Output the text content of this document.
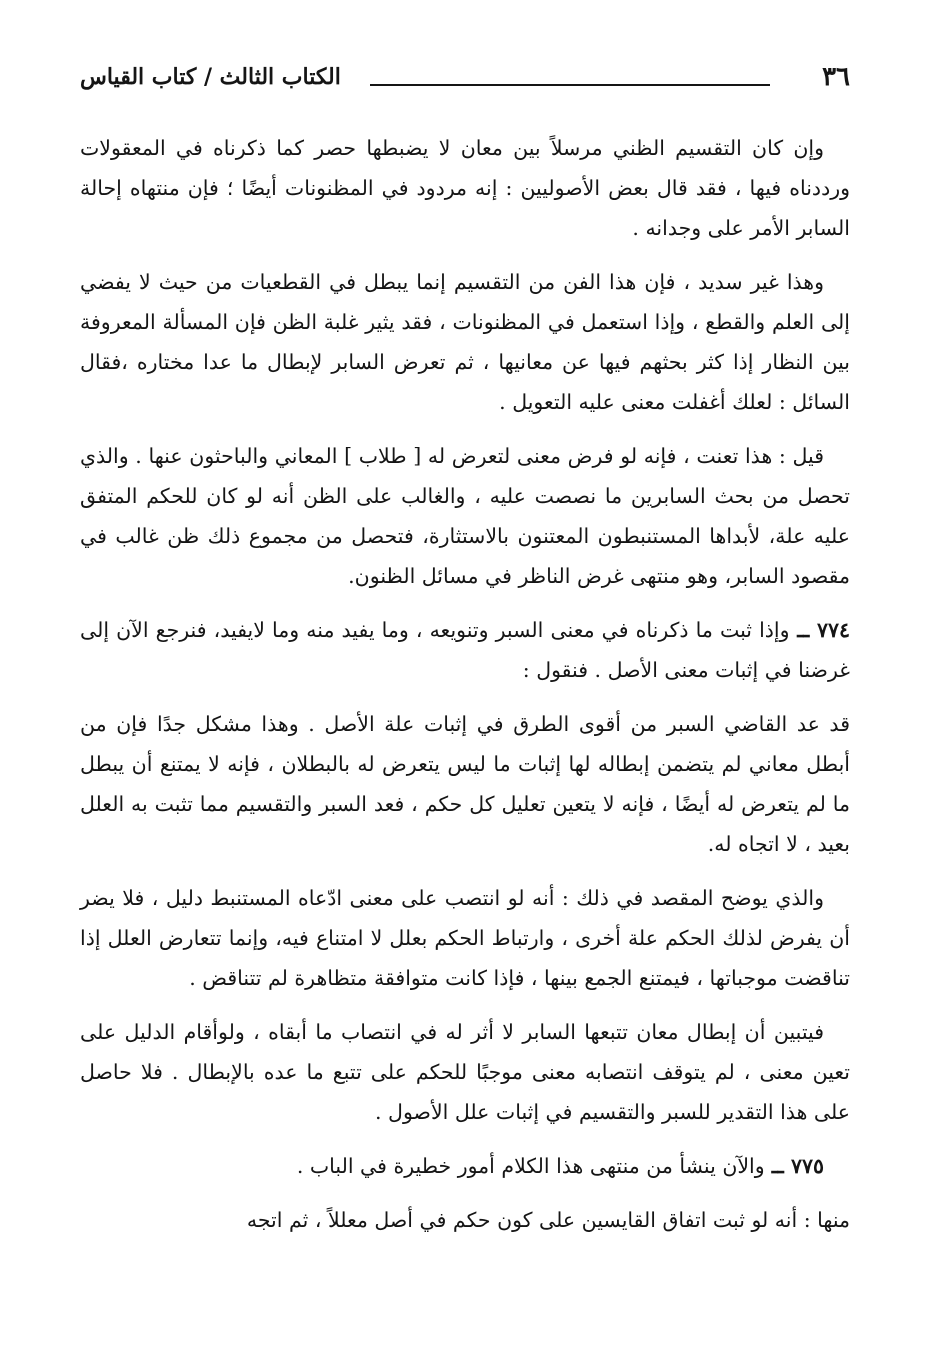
٣٦
الكتاب الثالث / كتاب القياس

وإن كان التقسيم الظني مرسلاً بين معان لا يضبطها حصر كما ذكرناه في المعقولات ورددناه فيها ، فقد قال بعض الأصوليين : إنه مردود في المظنونات أيضًا ؛ فإن منتهاه إحالة السابر الأمر على وجدانه .

وهذا غير سديد ، فإن هذا الفن من التقسيم إنما يبطل في القطعيات من حيث لا يفضي إلى العلم والقطع ، وإذا استعمل في المظنونات ، فقد يثير غلبة الظن فإن المسألة المعروفة بين النظار إذا كثر بحثهم فيها عن معانيها ، ثم تعرض السابر لإبطال ما عدا مختاره ،فقال السائل : لعلك أغفلت معنى عليه التعويل .

قيل : هذا تعنت ، فإنه لو فرض معنى لتعرض له [ طلاب ] المعاني والباحثون عنها . والذي تحصل من بحث السابرين ما نصصت عليه ، والغالب على الظن أنه لو كان للحكم المتفق عليه علة، لأبداها المستنبطون المعتنون بالاستثارة، فتحصل من مجموع ذلك ظن غالب في مقصود السابر، وهو منتهى غرض الناظر في مسائل الظنون.

٧٧٤ ــ وإذا ثبت ما ذكرناه في معنى السبر وتنويعه ، وما يفيد منه وما لايفيد، فنرجع الآن إلى غرضنا في إثبات معنى الأصل . فنقول :

قد عد القاضي السبر من أقوى الطرق في إثبات علة الأصل . وهذا مشكل جدًا فإن من أبطل معاني لم يتضمن إبطاله لها إثبات ما ليس يتعرض له بالبطلان ، فإنه لا يمتنع أن يبطل ما لم يتعرض له أيضًا ، فإنه لا يتعين تعليل كل حكم ، فعد السبر والتقسيم مما تثبت به العلل بعيد ، لا اتجاه له.

والذي يوضح المقصد في ذلك : أنه لو انتصب على معنى ادّعاه المستنبط دليل ، فلا يضر أن يفرض لذلك الحكم علة أخرى ، وارتباط الحكم بعلل لا امتناع فيه، وإنما تتعارض العلل إذا تناقضت موجباتها ، فيمتنع الجمع بينها ، فإذا كانت متوافقة متظاهرة لم تتناقض .

فيتبين أن إبطال معان تتبعها السابر لا أثر له في انتصاب ما أبقاه ، ولوأقام الدليل على تعين معنى ، لم يتوقف انتصابه معنى موجبًا للحكم على تتبع ما عده بالإبطال . فلا حاصل على هذا التقدير للسبر والتقسيم في إثبات علل الأصول .

٧٧٥ ــ والآن ينشأ من منتهى هذا الكلام أمور خطيرة في الباب .

منها : أنه لو ثبت اتفاق القايسين على كون حكم في أصل معللاً ، ثم اتجه
